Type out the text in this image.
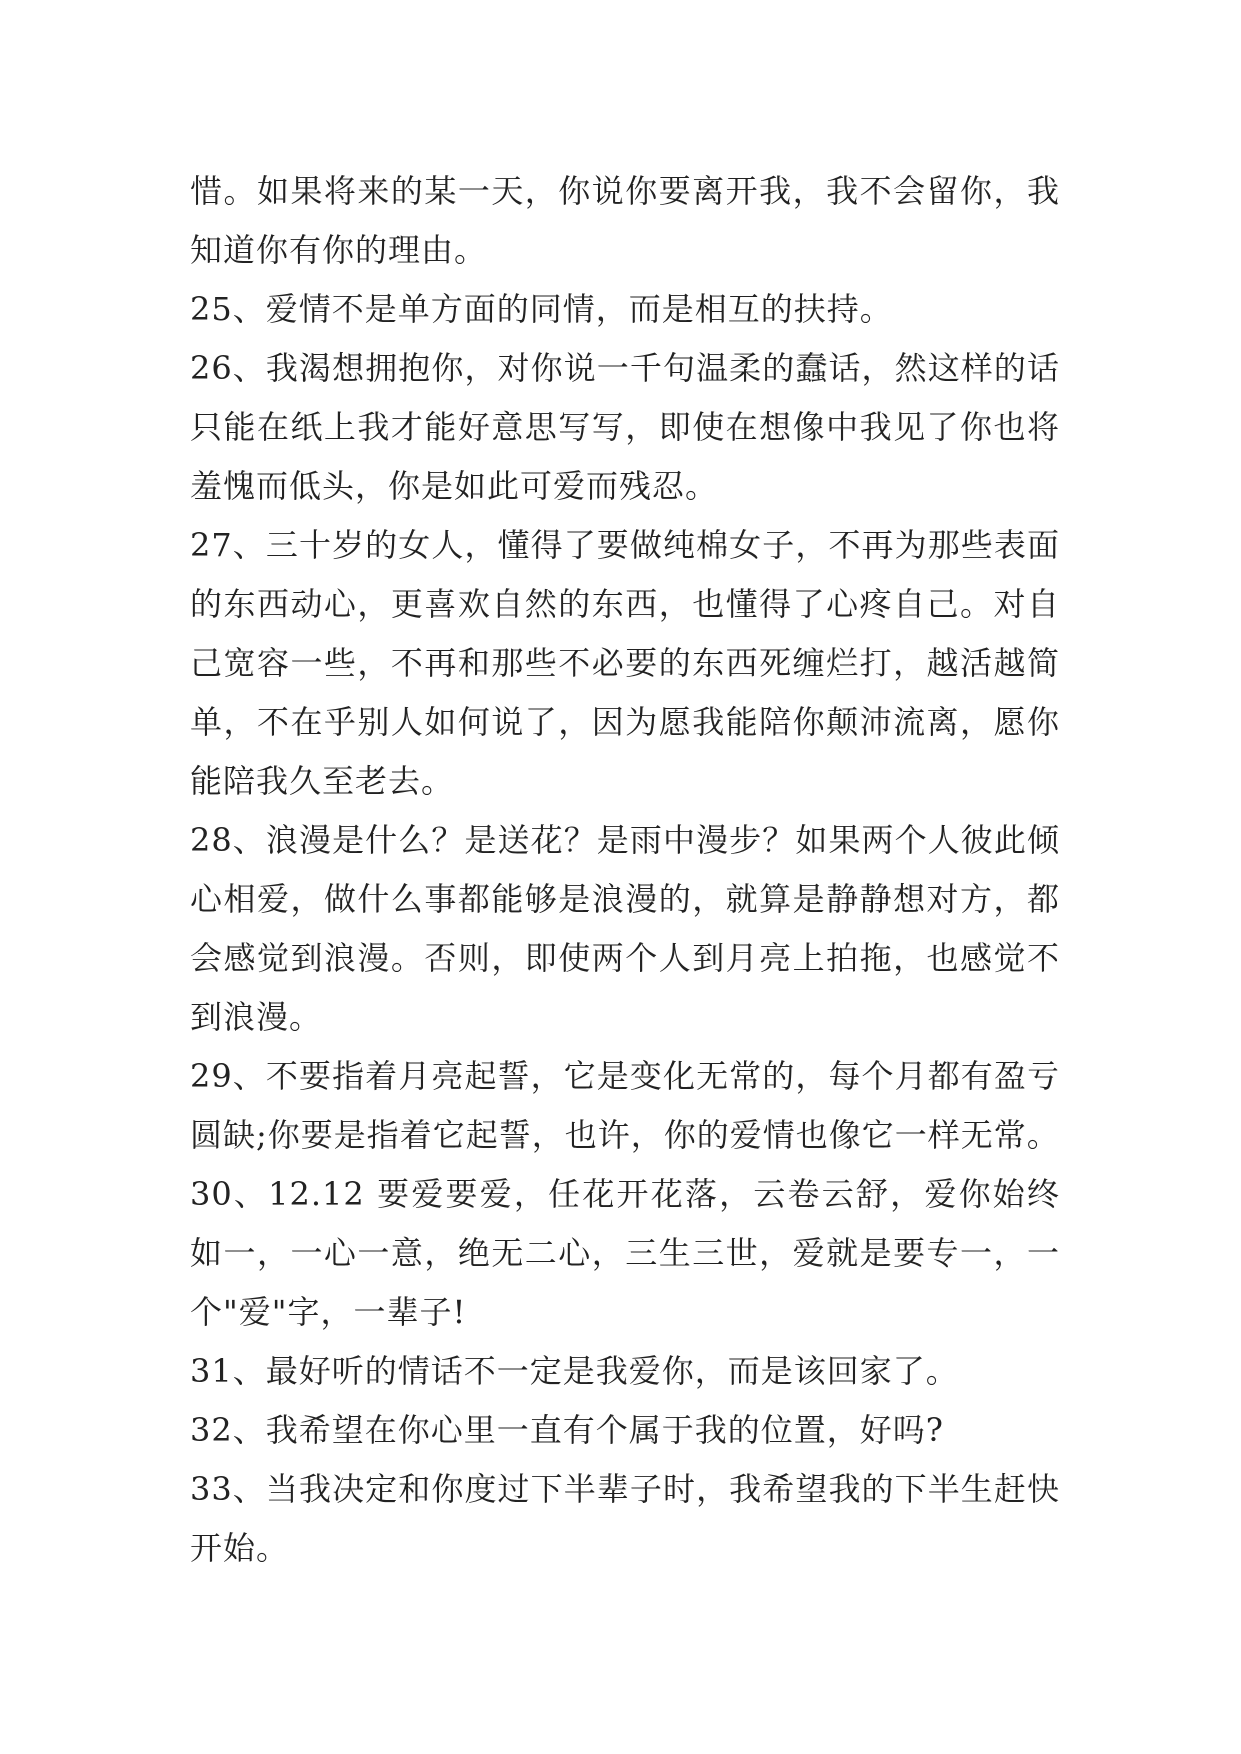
惜。如果将来的某一天，你说你要离开我，我不会留你，我知道你有你的理由。

25、爱情不是单方面的同情，而是相互的扶持。

26、我渴想拥抱你，对你说一千句温柔的蠢话，然这样的话只能在纸上我才能好意思写写，即使在想像中我见了你也将羞愧而低头，你是如此可爱而残忍。

27、三十岁的女人，懂得了要做纯棉女子，不再为那些表面的东西动心，更喜欢自然的东西，也懂得了心疼自己。对自己宽容一些，不再和那些不必要的东西死缠烂打，越活越简单，不在乎别人如何说了，因为愿我能陪你颠沛流离，愿你能陪我久至老去。

28、浪漫是什么？是送花？是雨中漫步？如果两个人彼此倾心相爱，做什么事都能够是浪漫的，就算是静静想对方，都会感觉到浪漫。否则，即使两个人到月亮上拍拖，也感觉不到浪漫。

29、不要指着月亮起誓，它是变化无常的，每个月都有盈亏圆缺;你要是指着它起誓，也许，你的爱情也像它一样无常。

30、12.12 要爱要爱，任花开花落，云卷云舒，爱你始终如一，一心一意，绝无二心，三生三世，爱就是要专一，一个"爱"字，一辈子!

31、最好听的情话不一定是我爱你，而是该回家了。

32、我希望在你心里一直有个属于我的位置，好吗?

33、当我决定和你度过下半辈子时，我希望我的下半生赶快开始。
